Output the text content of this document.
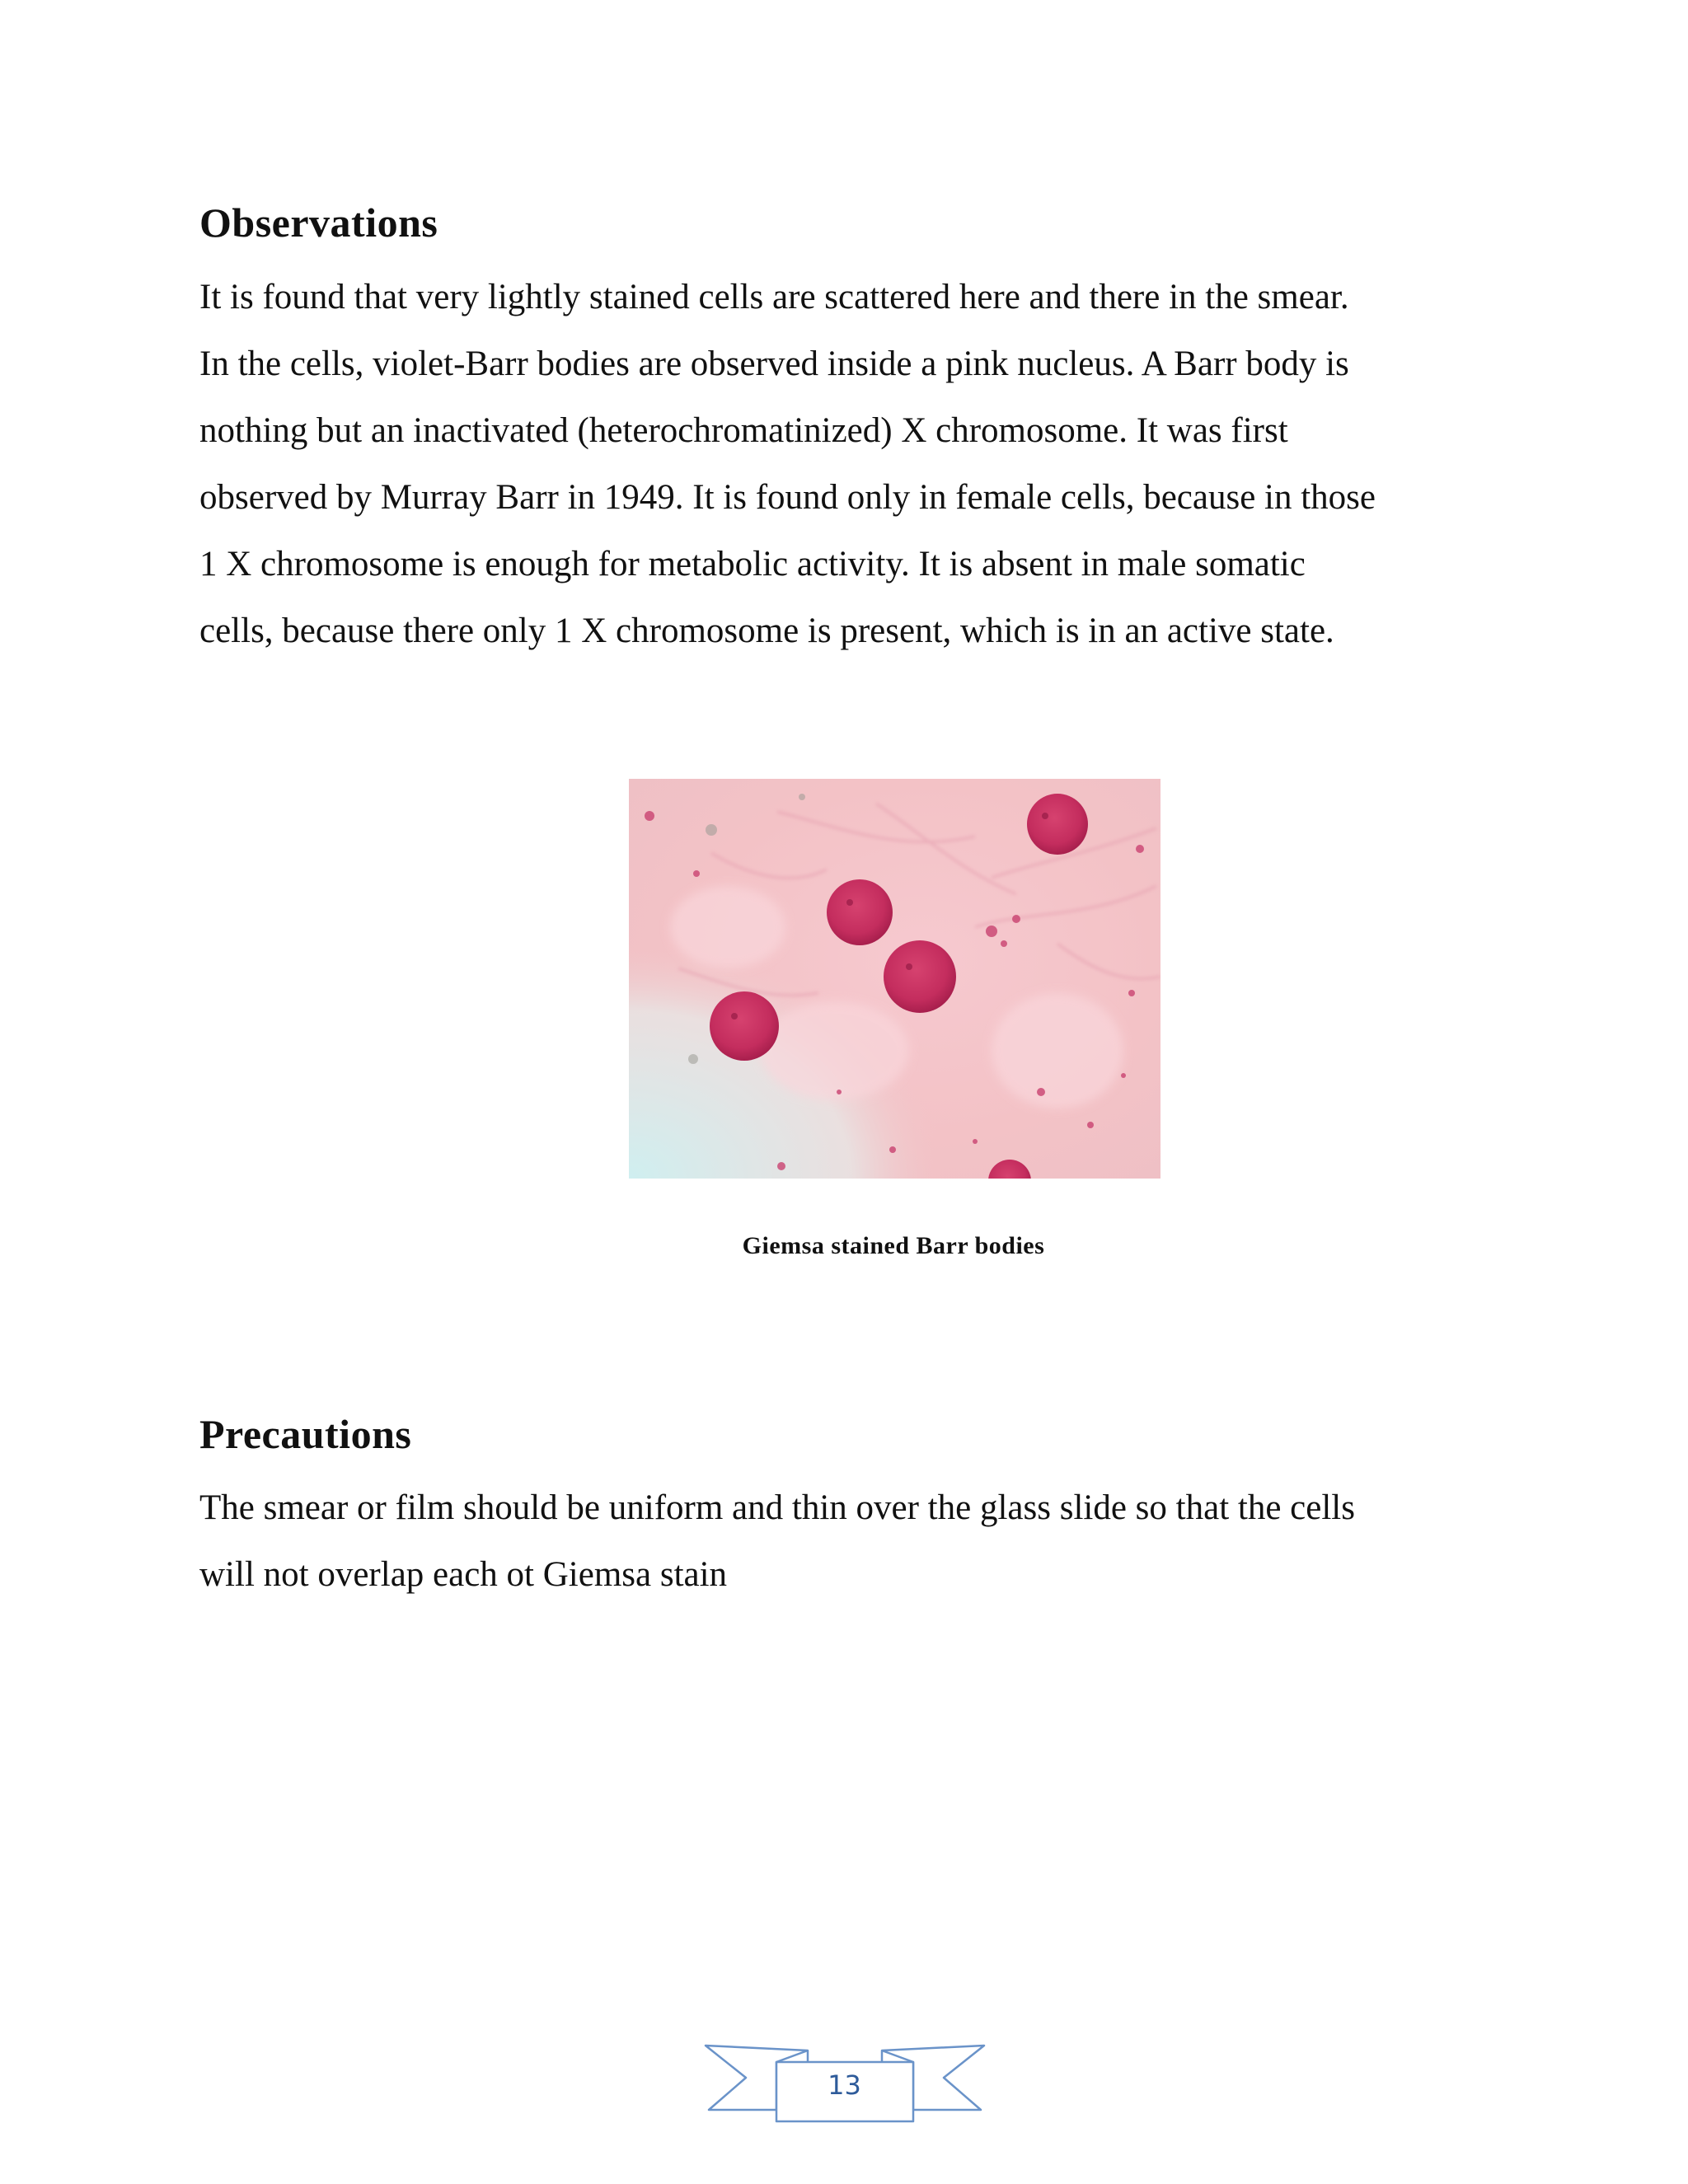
Observations
It is found that very lightly stained cells are scattered here and there in the smear.
In the cells, violet-Barr bodies are observed inside a pink nucleus. A Barr body is
nothing but an inactivated (heterochromatinized) X chromosome. It was first
observed by Murray Barr in 1949. It is found only in female cells, because in those
1 X chromosome is enough for metabolic activity. It is absent in male somatic
cells, because there only 1 X chromosome is present, which is in an active state.
Giemsa stained Barr bodies
Precautions
The smear or film should be uniform and thin over the glass slide so that the cells
will not overlap each ot Giemsa stain
13
